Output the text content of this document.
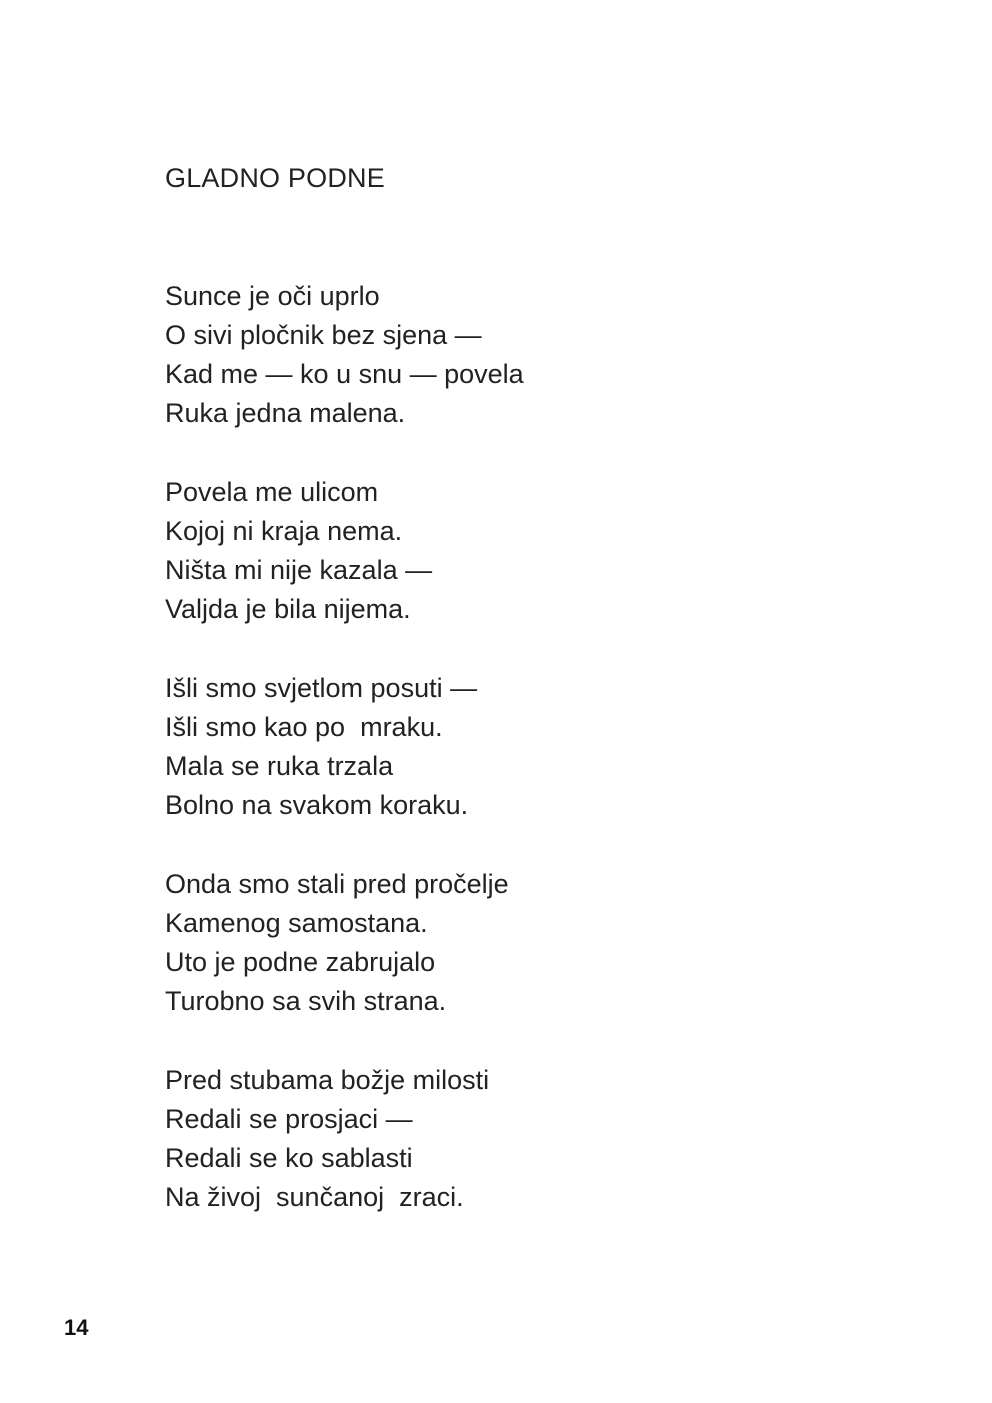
GLADNO PODNE
Sunce je oči uprlo
O sivi pločnik bez sjena —
Kad me — ko u snu — povela
Ruka jedna malena.
Povela me ulicom
Kojoj ni kraja nema.
Ništa mi nije kazala —
Valjda je bila nijema.
Išli smo svjetlom posuti —
Išli smo kao po  mraku.
Mala se ruka trzala
Bolno na svakom koraku.
Onda smo stali pred pročelje
Kamenog samostana.
Uto je podne zabrujalo
Turobno sa svih strana.
Pred stubama božje milosti
Redali se prosjaci —
Redali se ko sablasti
Na živoj  sunčanoj  zraci.
14
